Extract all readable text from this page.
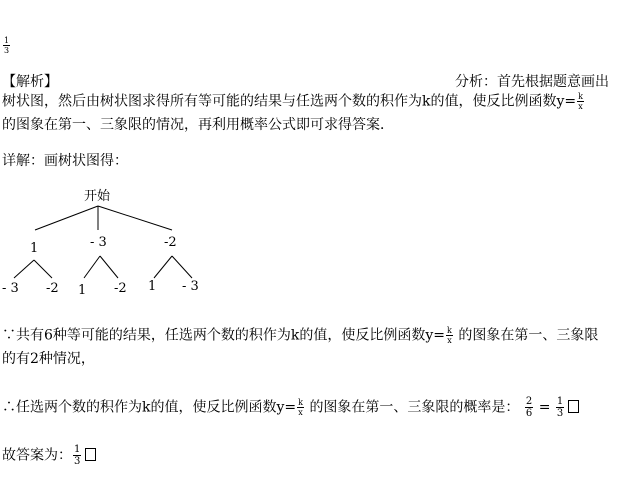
$\frac{1}{3}$
【解析】	分析：首先根据题意画出
树状图，然后由树状图求得所有等可能的结果与任选两个数的积作为k的值，使反比例函数$y= \frac{k}{x}$
的图象在第一、三象限的情况，再利用概率公式即可求得答案．
详解：画树状图得：
开始
1	- 3	-2
- 3 -2 1 -2 1 - 3
∵共有6种等可能的结果，任选两个数的积作为k的值，使反比例函数$y= \frac{k}{x}$ 的图象在第一、三象限
的有2种情况，
∴任选两个数的积作为k的值，使反比例函数$y= \frac{k}{x}$ 的图象在第一、三象限的概率是： $\frac{2}{6} = \frac{1}{3}$
故答案为： $\frac{1}{3}$
